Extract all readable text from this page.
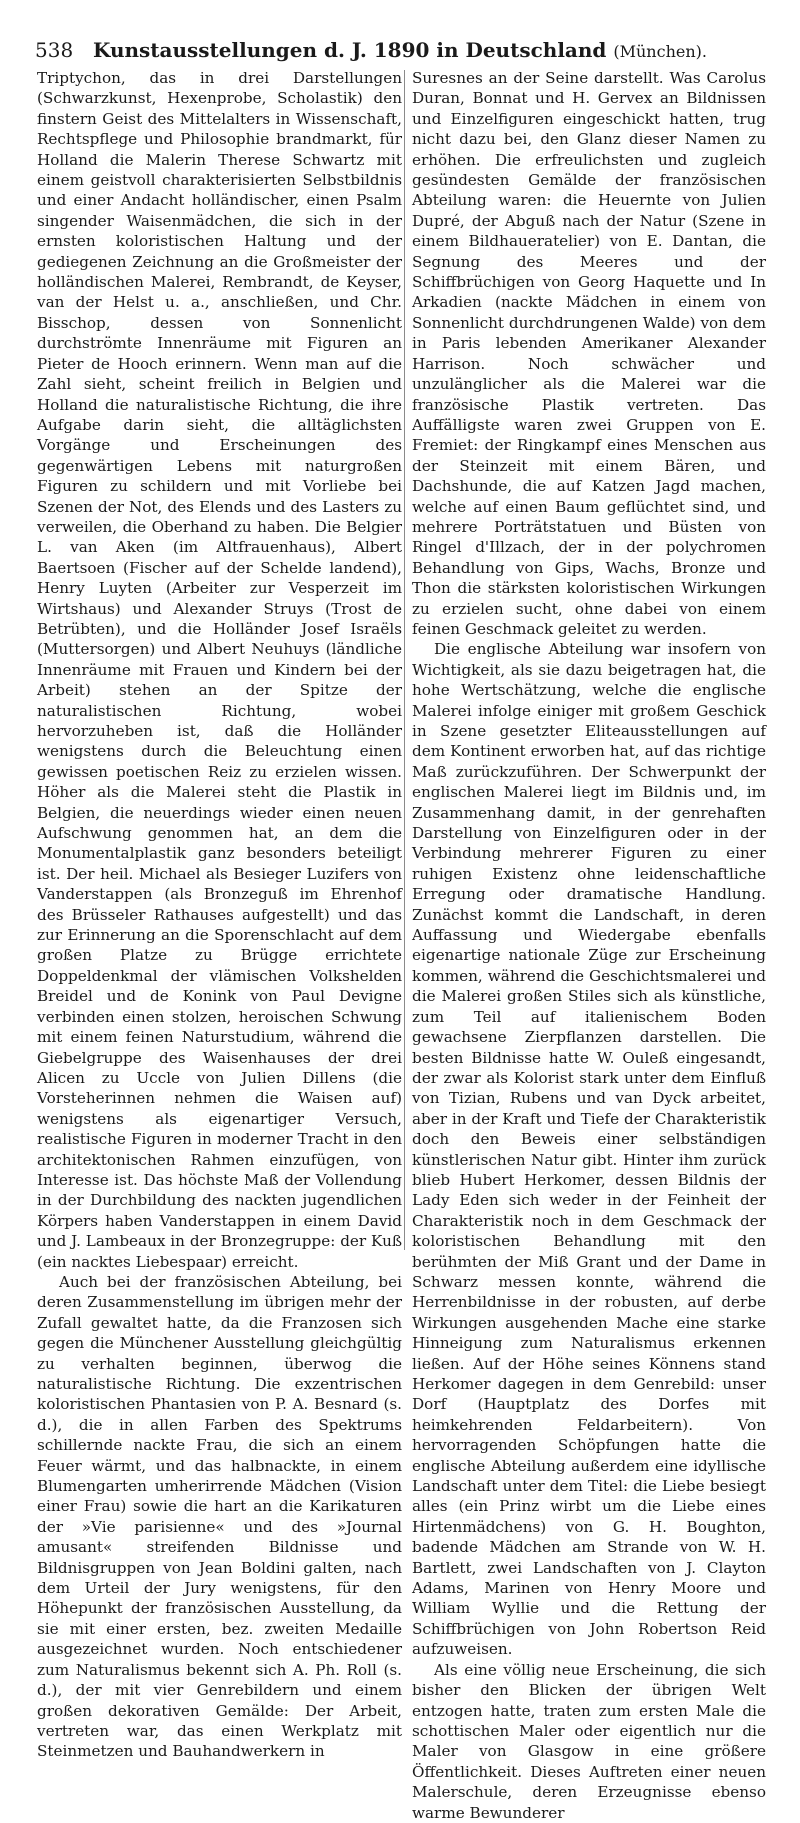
538 Kunstausstellungen d. J. 1890 in Deutschland (München).

Triptychon, das in drei Darstellungen (Schwarzkunst, Hexenprobe, Scholastik) den finstern Geist des Mittelalters in Wissenschaft, Rechtspflege und Philosophie brandmarkt, für Holland die Malerin Therese Schwartz mit einem geistvoll charakterisierten Selbstbildnis und einer Andacht holländischer, einen Psalm singender Waisenmädchen, die sich in der ernsten koloristischen Haltung und der gediegenen Zeichnung an die Großmeister der holländischen Malerei, Rembrandt, de Keyser, van der Helst u. a., anschließen, und Chr. Bisschop, dessen von Sonnenlicht durchströmte Innenräume mit Figuren an Pieter de Hooch erinnern. Wenn man auf die Zahl sieht, scheint freilich in Belgien und Holland die naturalistische Richtung, die ihre Aufgabe darin sieht, die alltäglichsten Vorgänge und Erscheinungen des gegenwärtigen Lebens mit naturgroßen Figuren zu schildern und mit Vorliebe bei Szenen der Not, des Elends und des Lasters zu verweilen, die Oberhand zu haben. Die Belgier L. van Aken (im Altfrauenhaus), Albert Baertsoen (Fischer auf der Schelde landend), Henry Luyten (Arbeiter zur Vesperzeit im Wirtshaus) und Alexander Struys (Trost de Betrübten), und die Holländer Josef Israëls (Muttersorgen) und Albert Neuhuys (ländliche Innenräume mit Frauen und Kindern bei der Arbeit) stehen an der Spitze der naturalistischen Richtung, wobei hervorzuheben ist, daß die Holländer wenigstens durch die Beleuchtung einen gewissen poetischen Reiz zu erzielen wissen. Höher als die Malerei steht die Plastik in Belgien, die neuerdings wieder einen neuen Aufschwung genommen hat, an dem die Monumentalplastik ganz besonders beteiligt ist. Der heil. Michael als Besieger Luzifers von Vanderstappen (als Bronzeguß im Ehrenhof des Brüsseler Rathauses aufgestellt) und das zur Erinnerung an die Sporenschlacht auf dem großen Platze zu Brügge errichtete Doppeldenkmal der vlämischen Volkshelden Breidel und de Konink von Paul Devigne verbinden einen stolzen, heroischen Schwung mit einem feinen Naturstudium, während die Giebelgruppe des Waisenhauses der drei Alicen zu Uccle von Julien Dillens (die Vorsteherinnen nehmen die Waisen auf) wenigstens als eigenartiger Versuch, realistische Figuren in moderner Tracht in den architektonischen Rahmen einzufügen, von Interesse ist. Das höchste Maß der Vollendung in der Durchbildung des nackten jugendlichen Körpers haben Vanderstappen in einem David und J. Lambeaux in der Bronzegruppe: der Kuß (ein nacktes Liebespaar) erreicht.

Auch bei der französischen Abteilung, bei deren Zusammenstellung im übrigen mehr der Zufall gewaltet hatte, da die Franzosen sich gegen die Münchener Ausstellung gleichgültig zu verhalten beginnen, überwog die naturalistische Richtung. Die exzentrischen koloristischen Phantasien von P. A. Besnard (s. d.), die in allen Farben des Spektrums schillernde nackte Frau, die sich an einem Feuer wärmt, und das halbnackte, in einem Blumengarten umherirrende Mädchen (Vision einer Frau) sowie die hart an die Karikaturen der »Vie parisienne« und des »Journal amusant« streifenden Bildnisse und Bildnisgruppen von Jean Boldini galten, nach dem Urteil der Jury wenigstens, für den Höhepunkt der französischen Ausstellung, da sie mit einer ersten, bez. zweiten Medaille ausgezeichnet wurden. Noch entschiedener zum Naturalismus bekennt sich A. Ph. Roll (s. d.), der mit vier Genrebildern und einem großen dekorativen Gemälde: Der Arbeit, vertreten war, das einen Werkplatz mit Steinmetzen und Bauhandwerkern in

Suresnes an der Seine darstellt. Was Carolus Duran, Bonnat und H. Gervex an Bildnissen und Einzelfiguren eingeschickt hatten, trug nicht dazu bei, den Glanz dieser Namen zu erhöhen. Die erfreulichsten und zugleich gesündesten Gemälde der französischen Abteilung waren: die Heuernte von Julien Dupré, der Abguß nach der Natur (Szene in einem Bildhaueratelier) von E. Dantan, die Segnung des Meeres und der Schiffbrüchigen von Georg Haquette und In Arkadien (nackte Mädchen in einem von Sonnenlicht durchdrungenen Walde) von dem in Paris lebenden Amerikaner Alexander Harrison. Noch schwächer und unzulänglicher als die Malerei war die französische Plastik vertreten. Das Auffälligste waren zwei Gruppen von E. Fremiet: der Ringkampf eines Menschen aus der Steinzeit mit einem Bären, und Dachshunde, die auf Katzen Jagd machen, welche auf einen Baum geflüchtet sind, und mehrere Porträtstatuen und Büsten von Ringel d'Illzach, der in der polychromen Behandlung von Gips, Wachs, Bronze und Thon die stärksten koloristischen Wirkungen zu erzielen sucht, ohne dabei von einem feinen Geschmack geleitet zu werden.

Die englische Abteilung war insofern von Wichtigkeit, als sie dazu beigetragen hat, die hohe Wertschätzung, welche die englische Malerei infolge einiger mit großem Geschick in Szene gesetzter Eliteausstellungen auf dem Kontinent erworben hat, auf das richtige Maß zurückzuführen. Der Schwerpunkt der englischen Malerei liegt im Bildnis und, im Zusammenhang damit, in der genrehaften Darstellung von Einzelfiguren oder in der Verbindung mehrerer Figuren zu einer ruhigen Existenz ohne leidenschaftliche Erregung oder dramatische Handlung. Zunächst kommt die Landschaft, in deren Auffassung und Wiedergabe ebenfalls eigenartige nationale Züge zur Erscheinung kommen, während die Geschichtsmalerei und die Malerei großen Stiles sich als künstliche, zum Teil auf italienischem Boden gewachsene Zierpflanzen darstellen. Die besten Bildnisse hatte W. Ouleß eingesandt, der zwar als Kolorist stark unter dem Einfluß von Tizian, Rubens und van Dyck arbeitet, aber in der Kraft und Tiefe der Charakteristik doch den Beweis einer selbständigen künstlerischen Natur gibt. Hinter ihm zurück blieb Hubert Herkomer, dessen Bildnis der Lady Eden sich weder in der Feinheit der Charakteristik noch in dem Geschmack der koloristischen Behandlung mit den berühmten der Miß Grant und der Dame in Schwarz messen konnte, während die Herrenbildnisse in der robusten, auf derbe Wirkungen ausgehenden Mache eine starke Hinneigung zum Naturalismus erkennen ließen. Auf der Höhe seines Könnens stand Herkomer dagegen in dem Genrebild: unser Dorf (Hauptplatz des Dorfes mit heimkehrenden Feldarbeitern). Von hervorragenden Schöpfungen hatte die englische Abteilung außerdem eine idyllische Landschaft unter dem Titel: die Liebe besiegt alles (ein Prinz wirbt um die Liebe eines Hirtenmädchens) von G. H. Boughton, badende Mädchen am Strande von W. H. Bartlett, zwei Landschaften von J. Clayton Adams, Marinen von Henry Moore und William Wyllie und die Rettung der Schiffbrüchigen von John Robertson Reid aufzuweisen.

Als eine völlig neue Erscheinung, die sich bisher den Blicken der übrigen Welt entzogen hatte, traten zum ersten Male die schottischen Maler oder eigentlich nur die Maler von Glasgow in eine größere Öffentlichkeit. Dieses Auftreten einer neuen Malerschule, deren Erzeugnisse ebenso warme Bewunderer
